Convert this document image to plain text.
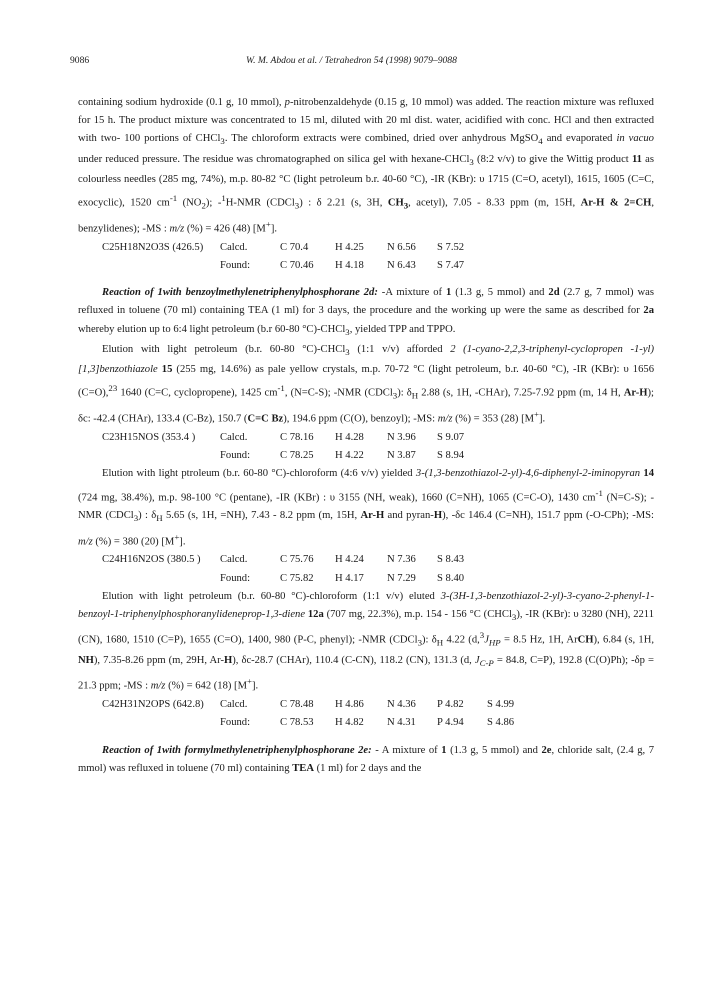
9086	W. M. Abdou et al. / Tetrahedron 54 (1998) 9079–9088

containing sodium hydroxide (0.1 g, 10 mmol), p-nitrobenzaldehyde (0.15 g, 10 mmol) was added. The reaction mixture was refluxed for 15 h. The product mixture was concentrated to 15 ml, diluted with 20 ml dist. water, acidified with conc. HCl and then extracted with two- 100 portions of CHCl$_3$. The chloroform extracts were combined, dried over anhydrous MgSO$_4$ and evaporated in vacuo under reduced pressure. The residue was chromatographed on silica gel with hexane-CHCl$_3$ (8:2 v/v) to give the Wittig product 11 as colourless needles (285 mg, 74%), m.p. 80-82 °C (light petroleum b.r. 40-60 °C), -IR (KBr): υ 1715 (C=O, acetyl), 1615, 1605 (C=C, exocyclic), 1520 $cm^{-1}$ $(NO_2)$; -$^1$H-NMR (CDCl$_3$) : δ 2.21 (s, 3H, $CH_3$, acetyl), 7.05 - 8.33 ppm (m, 15H, Ar-H & 2=CH, benzylidenes); -MS : m/z (%) = 426 (48) [M+].

C25H18N2O3S (426.5)	Calcd.	C 70.4	H 4.25	N 6.56	S 7.52
Found:	C 70.46	H 4.18	N 6.43	S 7.47

Reaction of 1with benzoylmethylenetriphenylphosphorane 2d: -A mixture of 1 (1.3 g, 5 mmol) and 2d (2.7 g, 7 mmol) was refluxed in toluene (70 ml) containing TEA (1 ml) for 3 days, the procedure and the working up were the same as described for 2a whereby elution up to 6:4 light petroleum (b.r 60-80 °C)-CHCl$_3$, yielded TPP and TPPO.

Elution with light petroleum (b.r. 60-80 °C)-CHCl$_3$ (1:1 v/v) afforded 2 (1-cyano-2,2,3-triphenyl-cyclopropen -1-yl)[1,3]benzothiazole 15 (255 mg, 14.6%) as pale yellow crystals, m.p. 70-72 °C (light petroleum, b.r. 40-60 °C), -IR (KBr): υ 1656 (C=O),$^{23}$ 1640 (C=C, cyclopropene), 1425 $cm^{-1}$, (N=C-S); -NMR (CDCl$_3$): $\delta_H$ 2.88 (s, 1H, -CHAr), 7.25-7.92 ppm (m, 14 H, Ar-H); δc: -42.4 (CHAr), 133.4 (C-Bz), 150.7 (C=C Bz), 194.6 ppm (C(O), benzoyl); -MS: m/z (%) = 353 (28) [M+].

C23H15NOS (353.4 )	Calcd.	C 78.16	H 4.28	N 3.96	S 9.07
Found:	C 78.25	H 4.22	N 3.87	S 8.94

Elution with light ptroleum (b.r. 60-80 °C)-chloroform (4:6 v/v) yielded 3-(1,3-benzothiazol-2-yl)-4,6-diphenyl-2-iminopyran 14 (724 mg, 38.4%), m.p. 98-100 °C (pentane), -IR (KBr) : υ 3155 (NH, weak), 1660 (C=NH), 1065 (C=C-O), 1430 $cm^{-1}$ (N=C-S); -NMR (CDCl$_3$) : $\delta_H$ 5.65 (s, 1H, =NH), 7.43 - 8.2 ppm (m, 15H, Ar-H and pyran-H), -δc 146.4 (C=NH), 151.7 ppm (-O-CPh); -MS: m/z (%) = 380 (20) [M+].

C24H16N2OS (380.5 )	Calcd.	C 75.76	H 4.24	N 7.36	S 8.43
Found:	C 75.82	H 4.17	N 7.29	S 8.40

Elution with light petroleum (b.r. 60-80 °C)-chloroform (1:1 v/v) eluted 3-(3H-1,3-benzothiazol-2-yl)-3-cyano-2-phenyl-1-benzoyl-1-triphenylphosphoranylideneprop-1,3-diene 12a (707 mg, 22.3%), m.p. 154 - 156 °C (CHCl$_3$), -IR (KBr): υ 3280 (NH), 2211 (CN), 1680, 1510 (C=P), 1655 (C=O), 1400, 980 (P-C, phenyl); -NMR (CDCl$_3$): $\delta_H$ 4.22 ($d,^3J_{HP} = 8.5$ Hz, 1H, ArCH), 6.84 (s, 1H, NH), 7.35-8.26 ppm (m, 29H, Ar-H), δc-28.7 (CHAr), 110.4 (C-CN), 118.2 (CN), 131.3 (d, $J_{C-P} = 84.8$, C=P), 192.8 (C(O)Ph); -δp = 21.3 ppm; -MS : m/z (%) = 642 (18) [M+].

C42H31N2OPS (642.8)	Calcd.	C 78.48	H 4.86	N 4.36	P 4.82	S 4.99
Found:	C 78.53	H 4.82	N 4.31	P 4.94	S 4.86

Reaction of 1with formylmethylenetriphenylphosphorane 2e: - A mixture of 1 (1.3 g, 5 mmol) and 2e, chloride salt, (2.4 g, 7 mmol) was refluxed in toluene (70 ml) containing TEA (1 ml) for 2 days and the
